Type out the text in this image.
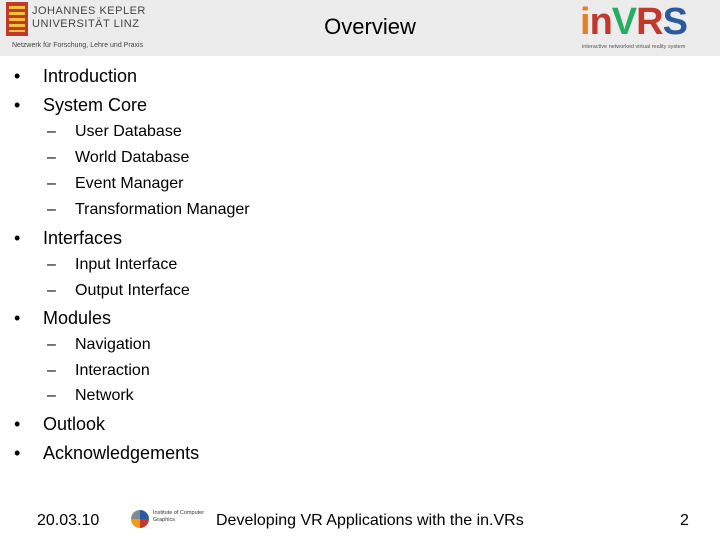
JOHANNES KEPLER
UNIVERSITÄT LINZ
Netzwerk für Forschung, Lehre und Praxis
Overview	inVRS
interactive networked virtual reality system
• Introduction
• System Core
– User Database
– World Database
– Event Manager
– Transformation Manager
• Interfaces
– Input Interface
– Output Interface
• Modules
– Navigation
– Interaction
– Network
• Outlook
• Acknowledgements
20.03.10	Institute of Computer Graphics	Developing VR Applications with the in.VRs	2
